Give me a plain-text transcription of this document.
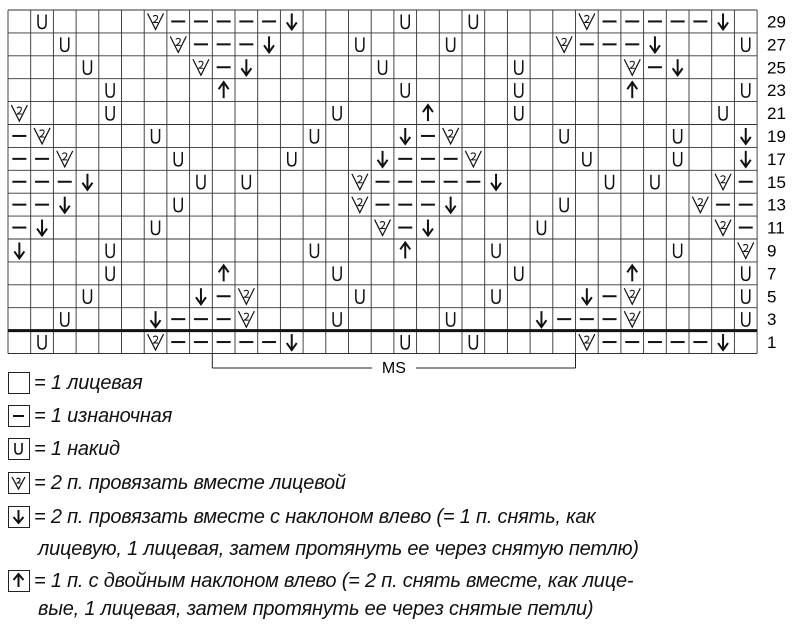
29
27
25
23
21
19
17
15
13
11
9
7
5
3
1
MS
= 1 лицевая
= 1 изнаночная
= 1 накид
= 2 п. провязать вместе лицевой
= 2 п. провязать вместе с наклоном влево (= 1 п. снять, как
лицевую, 1 лицевая, затем протянуть ее через снятую петлю)
= 1 п. с двойным наклоном влево (= 2 п. снять вместе, как лице-
вые, 1 лицевая, затем протянуть ее через снятые петли)
